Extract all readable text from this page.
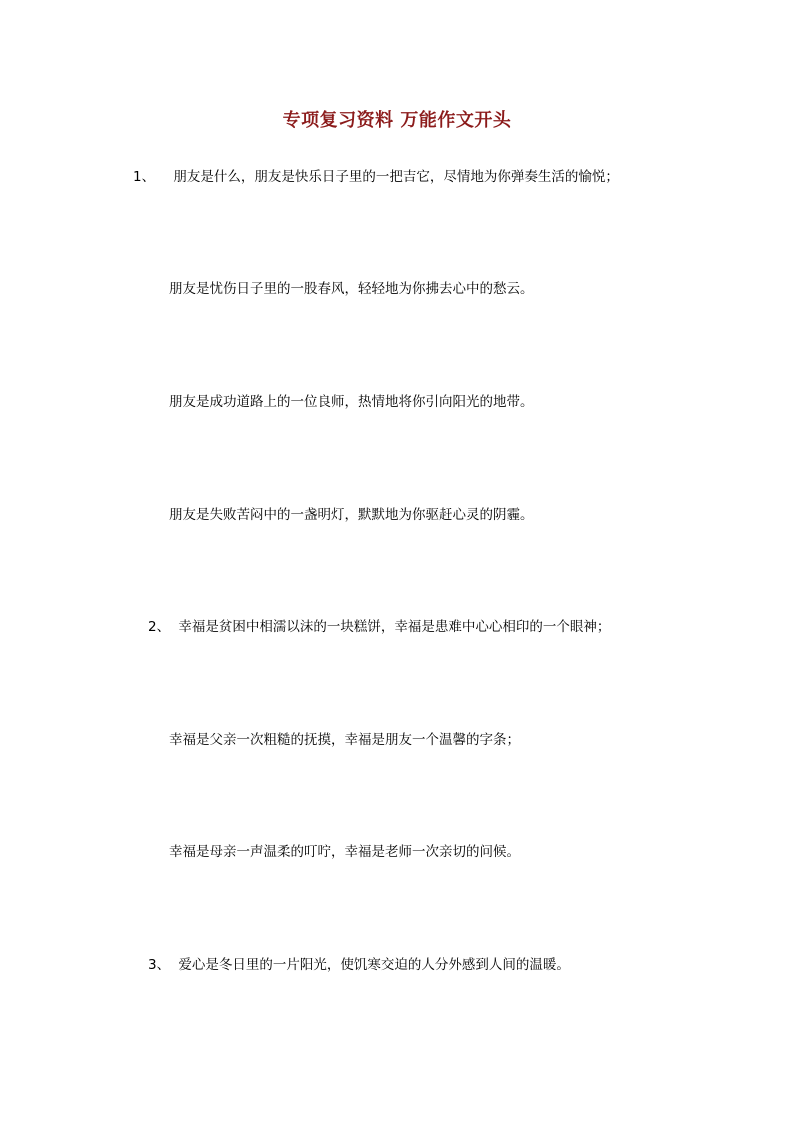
专项复习资料 万能作文开头
1、 朋友是什么，朋友是快乐日子里的一把吉它，尽情地为你弹奏生活的愉悦；
朋友是忧伤日子里的一股春风，轻轻地为你拂去心中的愁云。
朋友是成功道路上的一位良师，热情地将你引向阳光的地带。
朋友是失败苦闷中的一盏明灯，默默地为你驱赶心灵的阴霾。
2、 幸福是贫困中相濡以沫的一块糕饼，幸福是患难中心心相印的一个眼神；
幸福是父亲一次粗糙的抚摸，幸福是朋友一个温馨的字条；
幸福是母亲一声温柔的叮咛，幸福是老师一次亲切的问候。
3、 爱心是冬日里的一片阳光，使饥寒交迫的人分外感到人间的温暖。
